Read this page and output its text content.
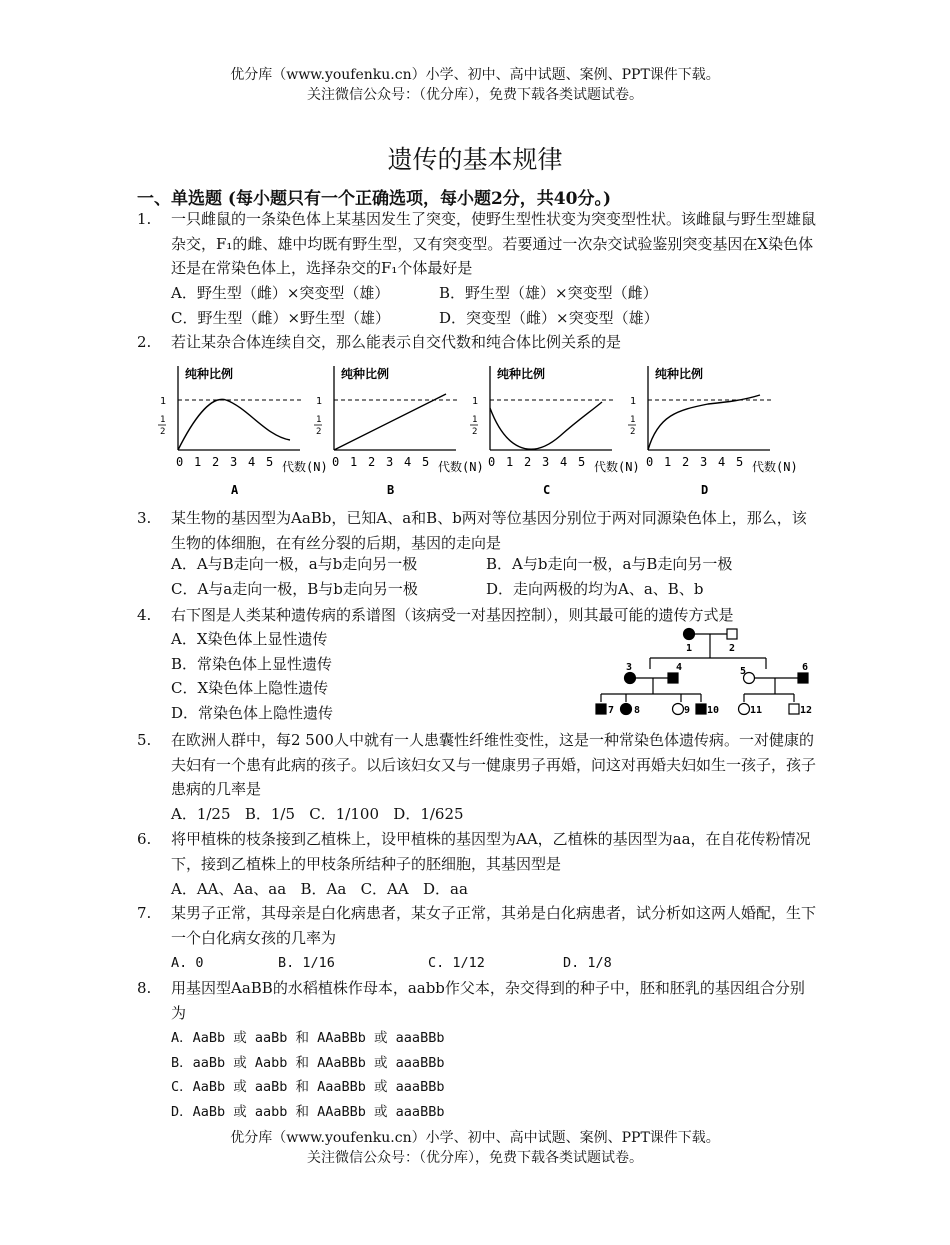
优分库（www.youfenku.cn）小学、初中、高中试题、案例、PPT课件下载。
关注微信公众号：（优分库），免费下载各类试题试卷。
遗传的基本规律
一、单选题 (每小题只有一个正确选项，每小题2分，共40分。)
1. 一只雌鼠的一条染色体上某基因发生了突变，使野生型性状变为突变型性状。该雌鼠与野生型雄鼠杂交，F₁的雌、雄中均既有野生型，又有突变型。若要通过一次杂交试验鉴别突变基因在X染色体还是在常染色体上，选择杂交的F₁个体最好是
A．野生型（雌）×突变型（雄）	B．野生型（雄）×突变型（雌）
C．野生型（雌）×野生型（雄）	D．突变型（雌）×突变型（雄）
2. 若让某杂合体连续自交，那么能表示自交代数和纯合体比例关系的是
纯种比例
1
1
2
0 1 2 3 4 5 代数(N)
A
纯种比例
1
1
2
0 1 2 3 4 5 代数(N)
B
纯种比例
1
1
2
0 1 2 3 4 5 代数(N)
C
纯种比例
1
1
2
0 1 2 3 4 5 代数(N)
D
3. 某生物的基因型为AaBb，已知A、a和B、b两对等位基因分别位于两对同源染色体上，那么，该生物的体细胞，在有丝分裂的后期，基因的走向是
A．A与B走向一极，a与b走向另一极	B．A与b走向一极，a与B走向另一极
C．A与a走向一极，B与b走向另一极	D．走向两极的均为A、a、B、b
4. 右下图是人类某种遗传病的系谱图（该病受一对基因控制），则其最可能的遗传方式是
A．X染色体上显性遗传
B．常染色体上显性遗传
C．X染色体上隐性遗传
D．常染色体上隐性遗传
1	2
3	4	5	6
7 8	9 10	11	12
5. 在欧洲人群中，每2 500人中就有一人患囊性纤维性变性，这是一种常染色体遗传病。一对健康的夫妇有一个患有此病的孩子。以后该妇女又与一健康男子再婚，问这对再婚夫妇如生一孩子，孩子患病的几率是
A．1/25   B．1/5   C．1/100   D．1/625
6. 将甲植株的枝条接到乙植株上，设甲植株的基因型为AA，乙植株的基因型为aa，在自花传粉情况下，接到乙植株上的甲枝条所结种子的胚细胞，其基因型是
A．AA、Aa、aa   B．Aa   C．AA   D．aa
7. 某男子正常，其母亲是白化病患者，某女子正常，其弟是白化病患者，试分析如这两人婚配，生下一个白化病女孩的几率为
A. 0	B. 1/16	C. 1/12	D. 1/8
8. 用基因型AaBB的水稻植株作母本，aabb作父本，杂交得到的种子中，胚和胚乳的基因组合分别为
A．AaBb 或 aaBb 和 AAaBBb 或 aaaBBb
B．aaBb 或 Aabb 和 AAaBBb 或 aaaBBb
C．AaBb 或 aaBb 和 AaaBBb 或 aaaBBb
D．AaBb 或 aabb 和 AAaBBb 或 aaaBBb
优分库（www.youfenku.cn）小学、初中、高中试题、案例、PPT课件下载。
关注微信公众号：（优分库），免费下载各类试题试卷。
